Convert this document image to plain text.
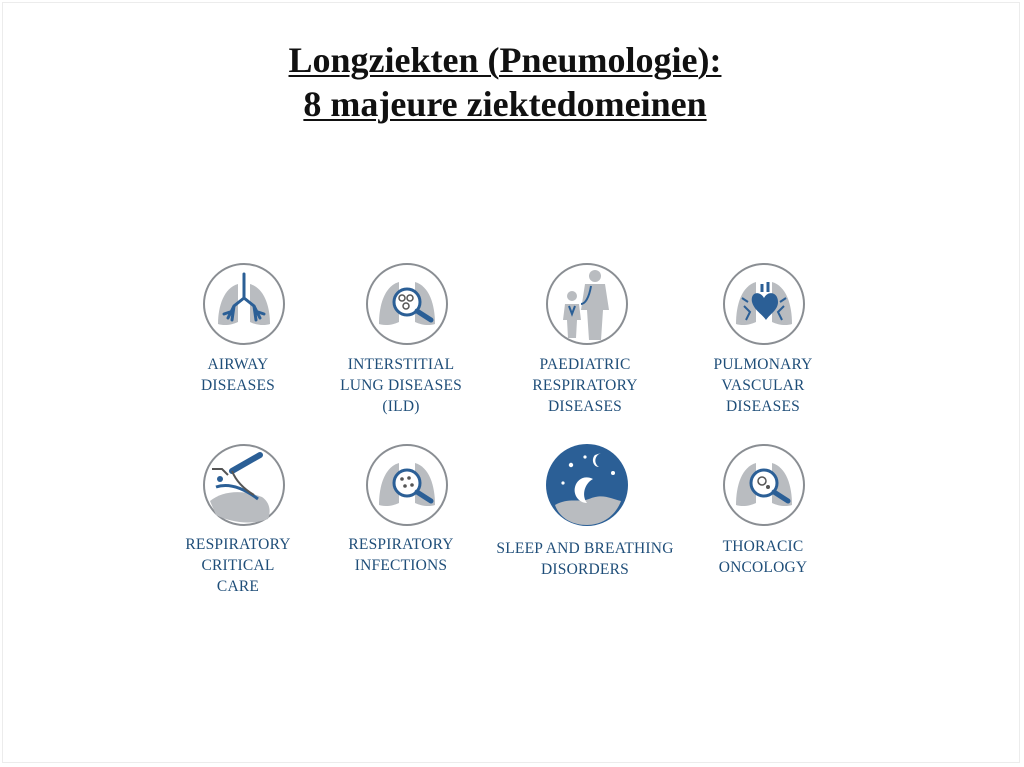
Longziekten (Pneumologie):
8 majeure ziektedomeinen
AIRWAY
DISEASES
INTERSTITIAL
LUNG DISEASES
(ILD)
PAEDIATRIC
RESPIRATORY
DISEASES
PULMONARY
VASCULAR
DISEASES
RESPIRATORY
CRITICAL
CARE
RESPIRATORY
INFECTIONS
SLEEP AND BREATHING
DISORDERS
THORACIC
ONCOLOGY
